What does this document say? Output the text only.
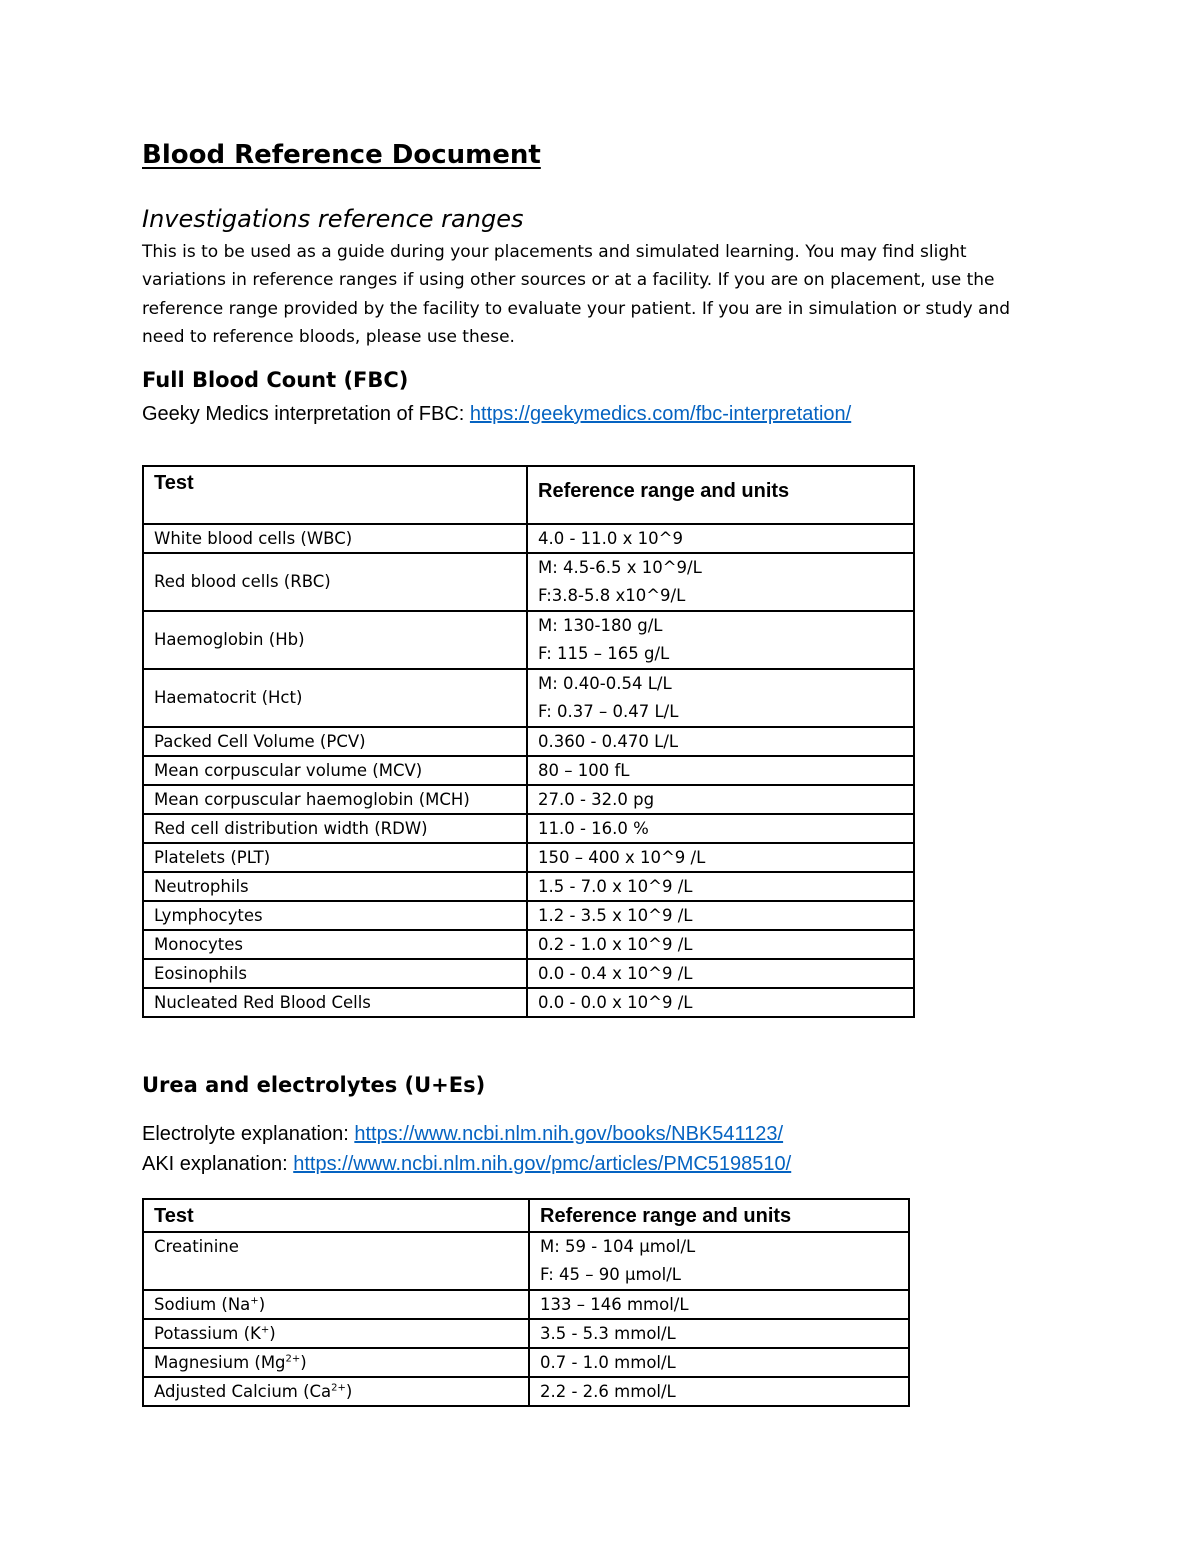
Blood Reference Document
Investigations reference ranges

This is to be used as a guide during your placements and simulated learning. You may find slight variations in reference ranges if using other sources or at a facility. If you are on placement, use the reference range provided by the facility to evaluate your patient. If you are in simulation or study and need to reference bloods, please use these.

Full Blood Count (FBC)

Geeky Medics interpretation of FBC: https://geekymedics.com/fbc-interpretation/

Test	Reference range and units
White blood cells (WBC)	4.0 - 11.0 x 10^9

Red blood cells (RBC)	M: 4.5-6.5 x 10^9/L
F:3.8-5.8 x10^9/L

Haemoglobin (Hb)	M: 130-180 g/L
F: 115 – 165 g/L

Haematocrit (Hct)	M: 0.40-0.54 L/L
F: 0.37 – 0.47 L/L

Packed Cell Volume (PCV)	0.360 - 0.470 L/L

Mean corpuscular volume (MCV)	80 – 100 fL

Mean corpuscular haemoglobin (MCH)	27.0 - 32.0 pg

Red cell distribution width (RDW)	11.0 - 16.0 %

Platelets (PLT)	150 – 400 x 10^9 /L

Neutrophils	1.5 - 7.0 x 10^9 /L

Lymphocytes	1.2 - 3.5 x 10^9 /L

Monocytes	0.2 - 1.0 x 10^9 /L

Eosinophils	0.0 - 0.4 x 10^9 /L

Nucleated Red Blood Cells	0.0 - 0.0 x 10^9 /L
Urea and electrolytes (U+Es)

Electrolyte explanation: https://www.ncbi.nlm.nih.gov/books/NBK541123/

AKI explanation: https://www.ncbi.nlm.nih.gov/pmc/articles/PMC5198510/

Test	Reference range and units
Creatinine	M: 59 - 104 µmol/L
F: 45 – 90 µmol/L

Sodium (Na+)	133 – 146 mmol/L

Potassium (K+)	3.5 - 5.3 mmol/L

Magnesium $(Mg^{2+})$	0.7 - 1.0 mmol/L

Adjusted Calcium $(Ca^{2+})$	2.2 - 2.6 mmol/L
